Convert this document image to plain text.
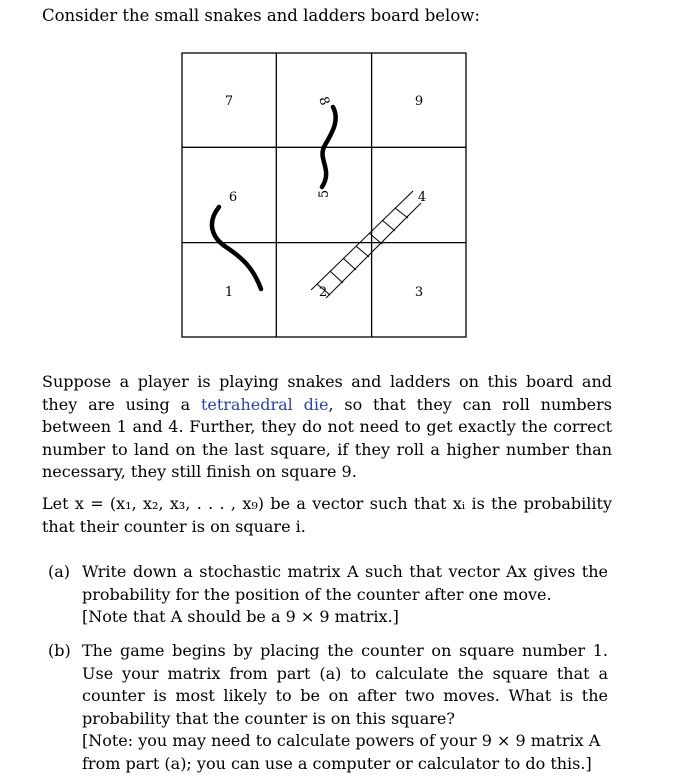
Consider the small snakes and ladders board below:

7	8	9
6	5	4
1	2	3

Suppose a player is playing snakes and ladders on this board and they are using a tetrahedral die, so that they can roll numbers between 1 and 4. Further, they do not need to get exactly the correct number to land on the last square, if they roll a higher number than necessary, they still finish on square 9.

Let x = (x₁, x₂, x₃, . . . , x₉) be a vector such that xᵢ is the probability that their counter is on square i.

(a) Write down a stochastic matrix A such that vector Ax gives the probability for the position of the counter after one move.
[Note that A should be a 9 × 9 matrix.]
(b) The game begins by placing the counter on square number 1. Use your matrix from part (a) to calculate the square that a counter is most likely to be on after two moves. What is the probability that the counter is on this square?
[Note: you may need to calculate powers of your 9 × 9 matrix A from part (a); you can use a computer or calculator to do this.]
